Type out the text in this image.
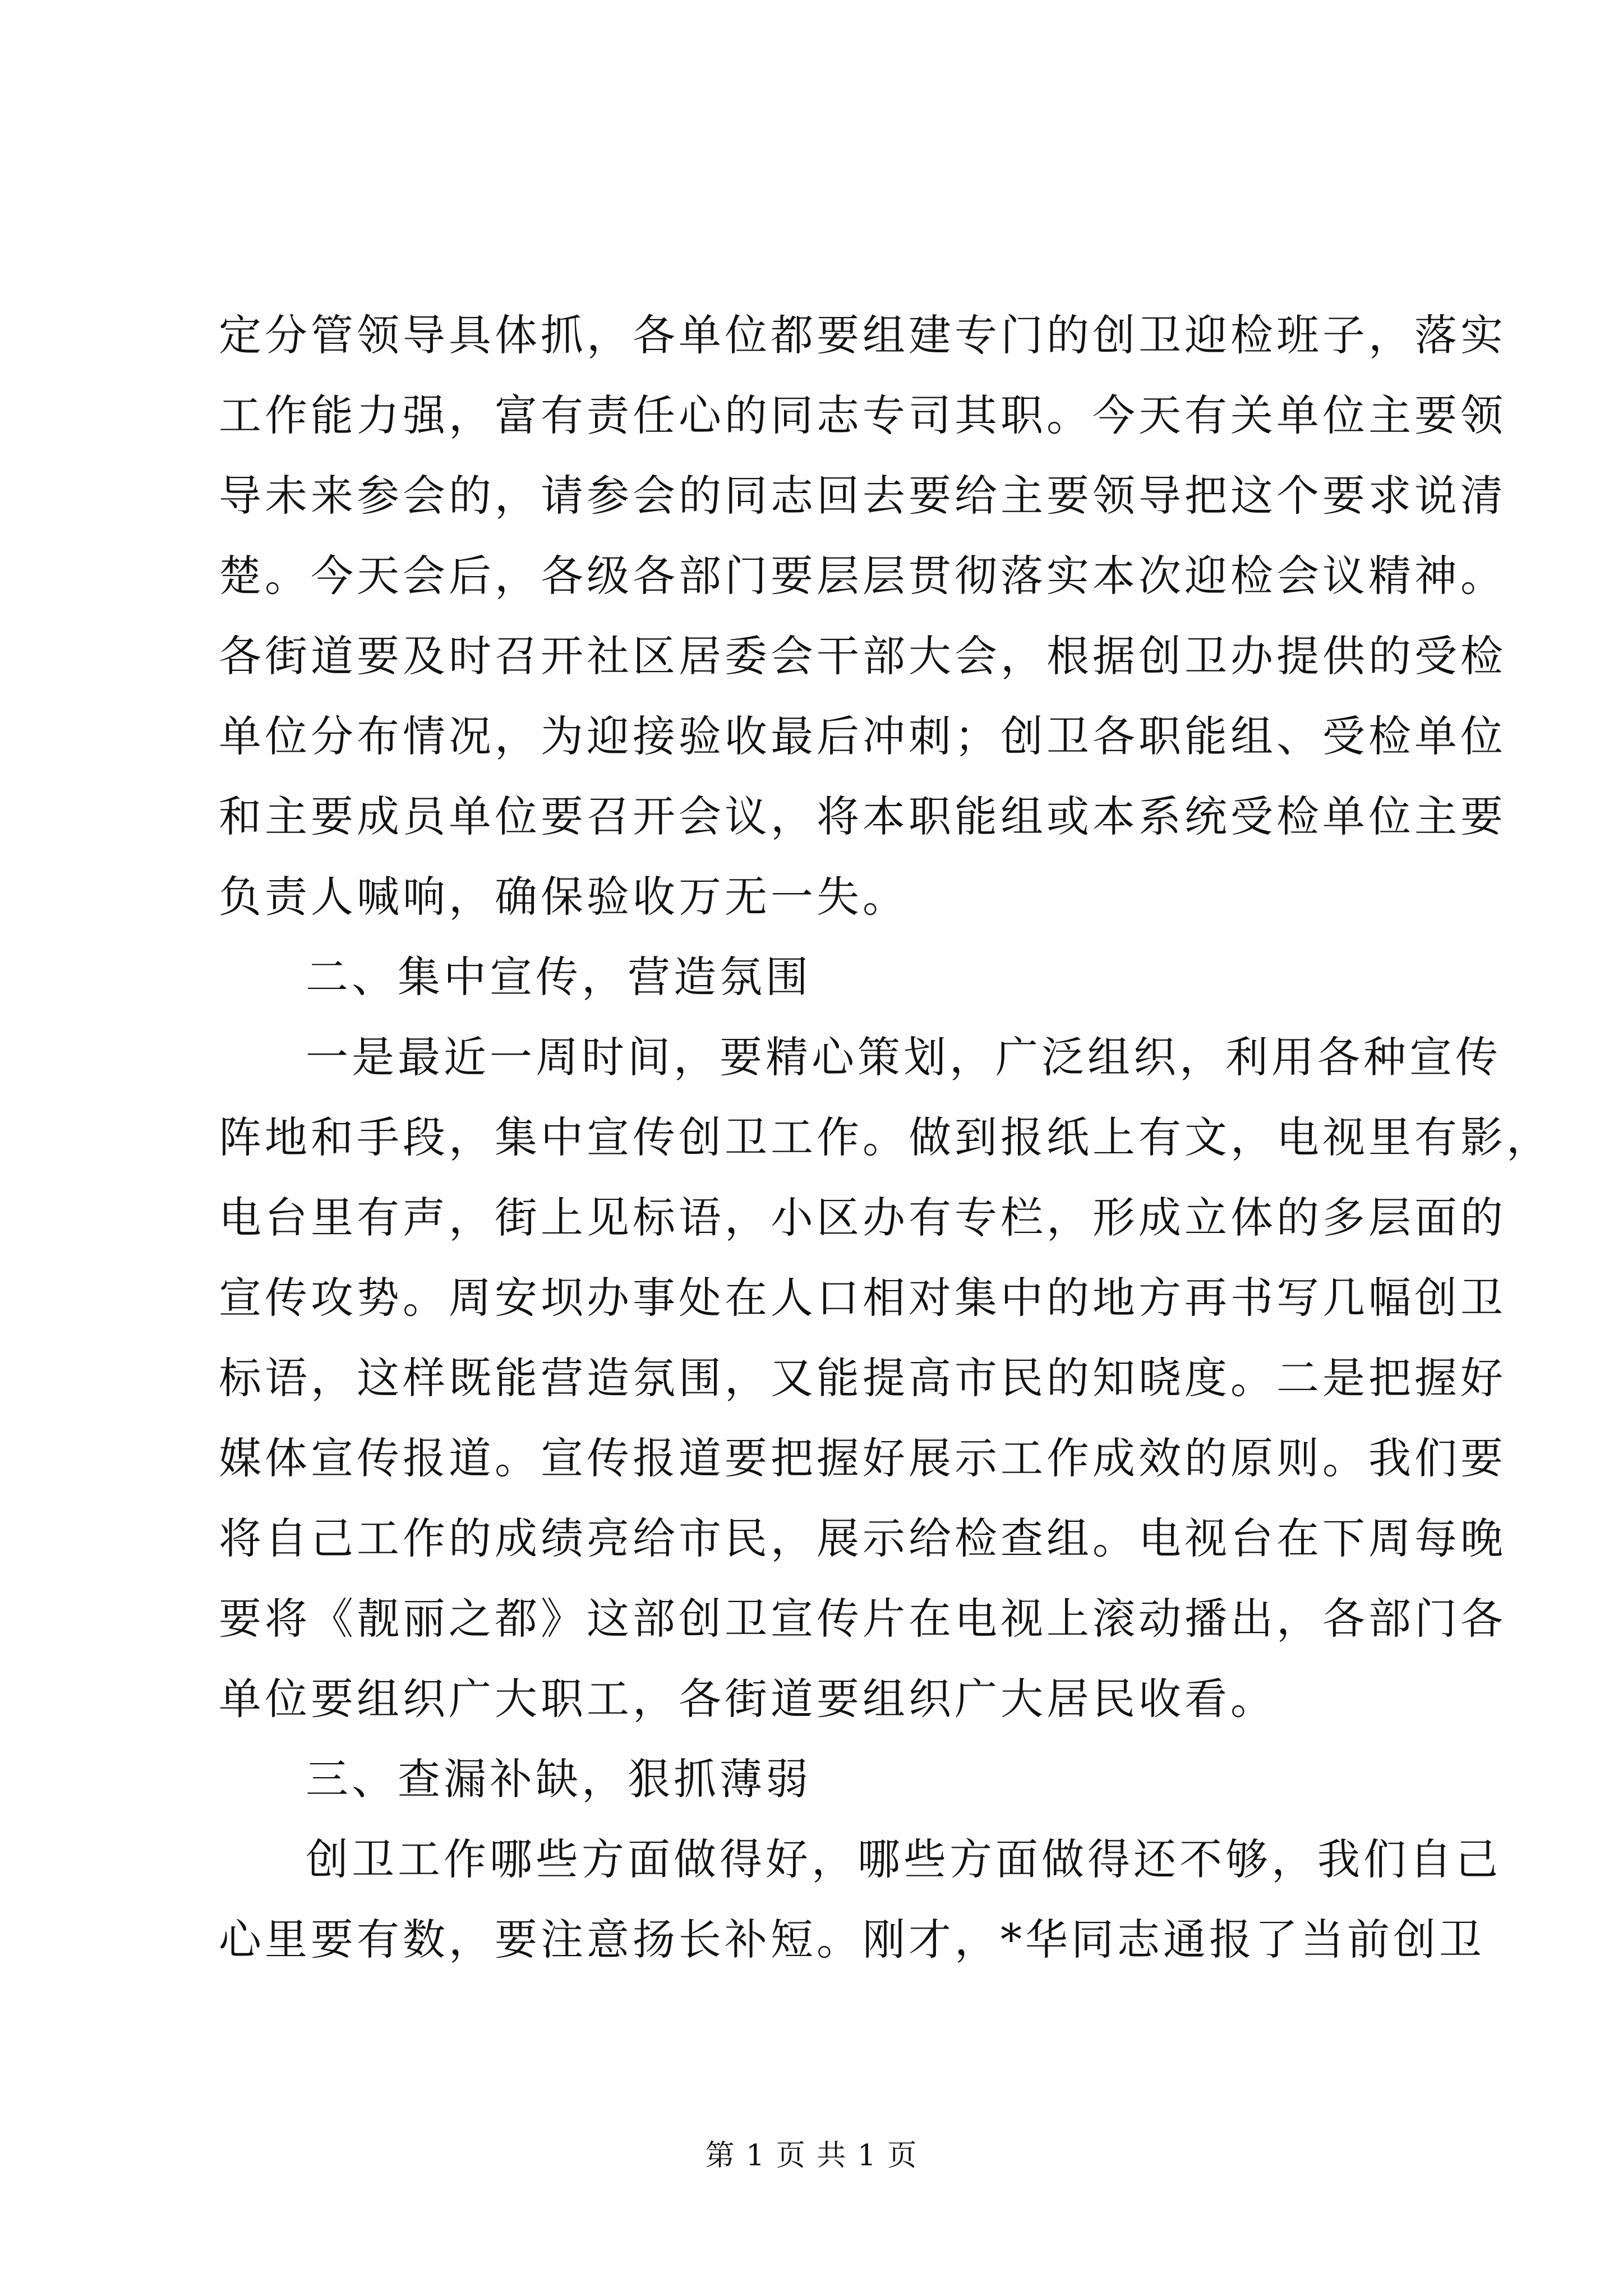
定分管领导具体抓，各单位都要组建专门的创卫迎检班子，落实
工作能力强，富有责任心的同志专司其职。今天有关单位主要领
导未来参会的，请参会的同志回去要给主要领导把这个要求说清
楚。今天会后，各级各部门要层层贯彻落实本次迎检会议精神。
各街道要及时召开社区居委会干部大会，根据创卫办提供的受检
单位分布情况，为迎接验收最后冲刺；创卫各职能组、受检单位
和主要成员单位要召开会议，将本职能组或本系统受检单位主要
负责人喊响，确保验收万无一失。
二、集中宣传，营造氛围
一是最近一周时间，要精心策划，广泛组织，利用各种宣传
阵地和手段，集中宣传创卫工作。做到报纸上有文，电视里有影，
电台里有声，街上见标语，小区办有专栏，形成立体的多层面的
宣传攻势。周安坝办事处在人口相对集中的地方再书写几幅创卫
标语，这样既能营造氛围，又能提高市民的知晓度。二是把握好
媒体宣传报道。宣传报道要把握好展示工作成效的原则。我们要
将自己工作的成绩亮给市民，展示给检查组。电视台在下周每晚
要将《靓丽之都》这部创卫宣传片在电视上滚动播出，各部门各
单位要组织广大职工，各街道要组织广大居民收看。
三、查漏补缺，狠抓薄弱
创卫工作哪些方面做得好，哪些方面做得还不够，我们自己
心里要有数，要注意扬长补短。刚才，*华同志通报了当前创卫
第 1 页 共 1 页
